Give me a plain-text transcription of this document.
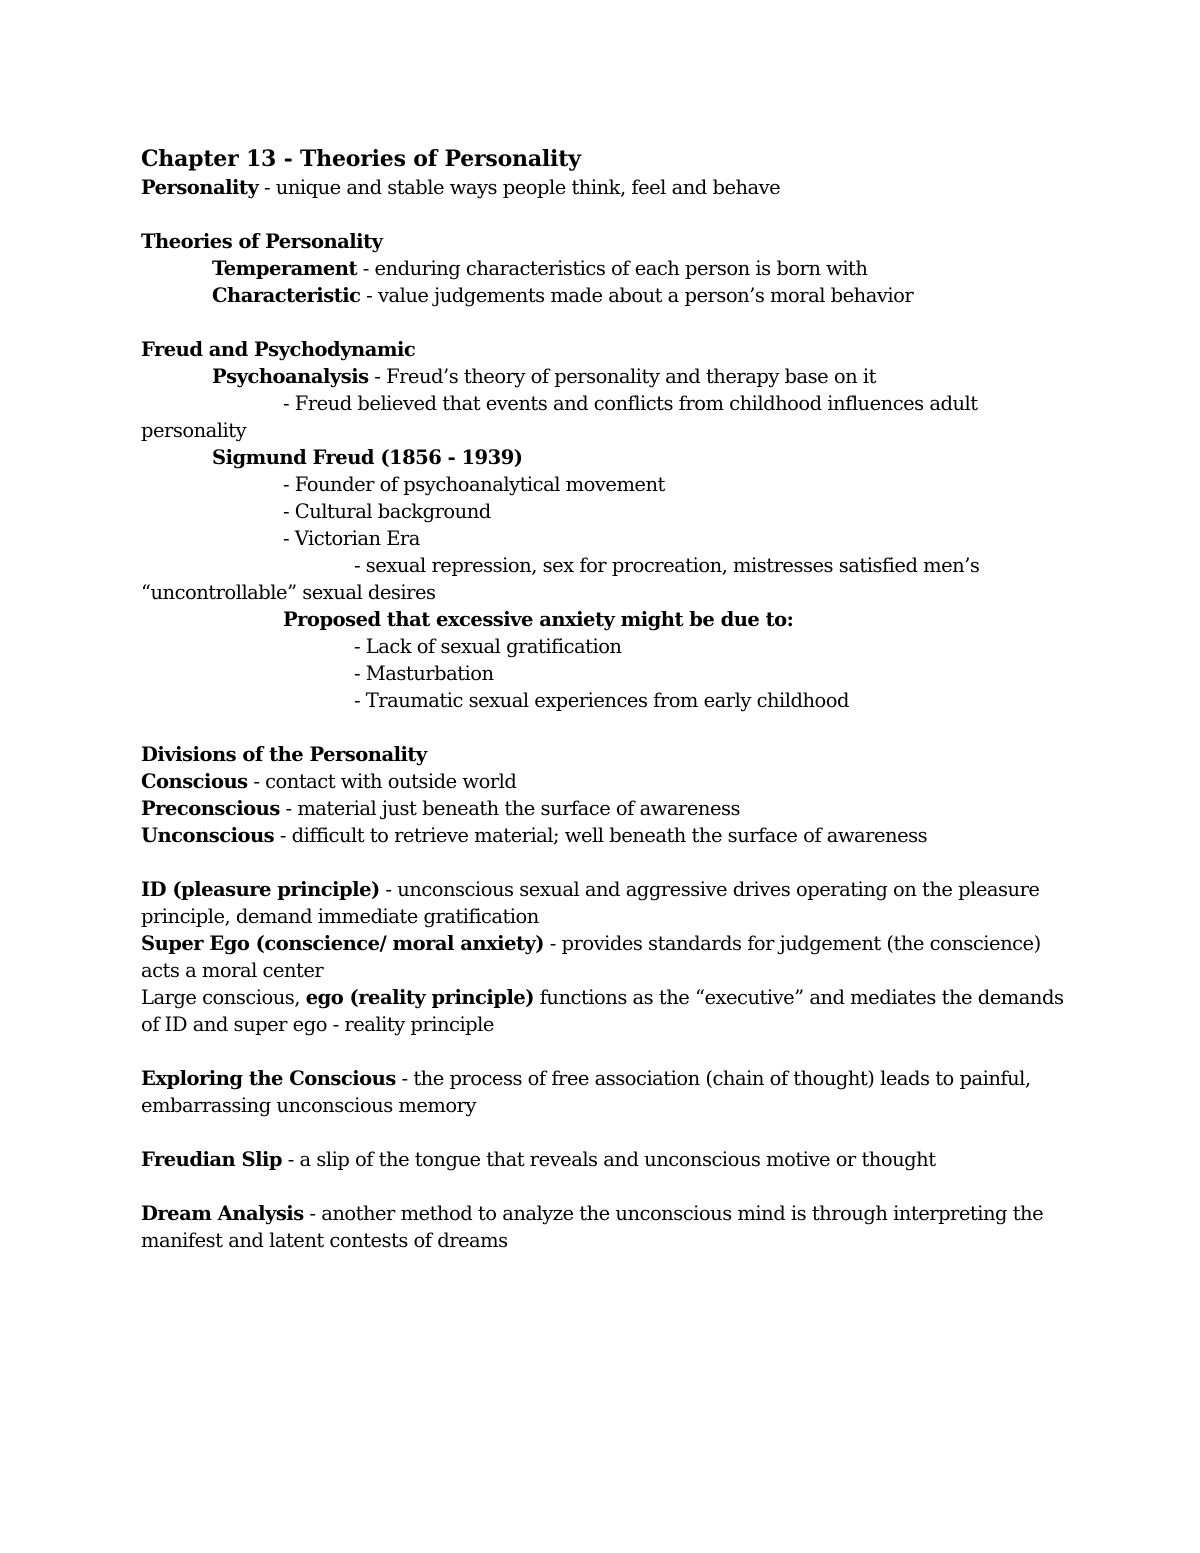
Chapter 13 - Theories of Personality
Personality - unique and stable ways people think, feel and behave
Theories of Personality
Temperament - enduring characteristics of each person is born with
Characteristic - value judgements made about a person’s moral behavior
Freud and Psychodynamic
Psychoanalysis - Freud’s theory of personality and therapy base on it
- Freud believed that events and conflicts from childhood influences adult
personality
Sigmund Freud (1856 - 1939)
- Founder of psychoanalytical movement
- Cultural background
- Victorian Era
- sexual repression, sex for procreation, mistresses satisfied men’s
“uncontrollable” sexual desires
Proposed that excessive anxiety might be due to:
- Lack of sexual gratification
- Masturbation
- Traumatic sexual experiences from early childhood
Divisions of the Personality
Conscious - contact with outside world
Preconscious - material just beneath the surface of awareness
Unconscious - difficult to retrieve material; well beneath the surface of awareness
ID (pleasure principle) - unconscious sexual and aggressive drives operating on the pleasure
principle, demand immediate gratification
Super Ego (conscience/ moral anxiety) - provides standards for judgement (the conscience)
acts a moral center
Large conscious, ego (reality principle) functions as the “executive” and mediates the demands
of ID and super ego - reality principle
Exploring the Conscious - the process of free association (chain of thought) leads to painful,
embarrassing unconscious memory
Freudian Slip - a slip of the tongue that reveals and unconscious motive or thought
Dream Analysis - another method to analyze the unconscious mind is through interpreting the
manifest and latent contests of dreams
